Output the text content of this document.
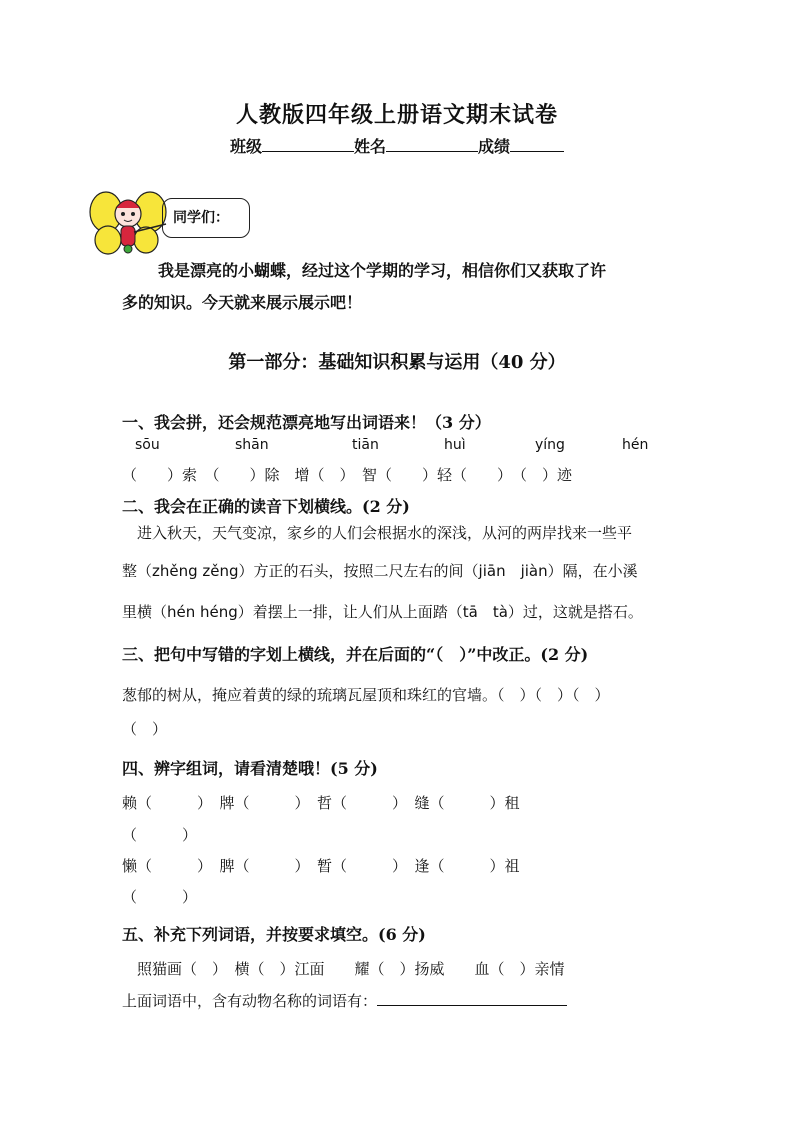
人教版四年级上册语文期末试卷
班级	姓名	成绩
同学们：
我是漂亮的小蝴蝶，经过这个学期的学习，相信你们又获取了许
多的知识。今天就来展示展示吧！
第一部分：基础知识积累与运用（40 分）
一、我会拼，还会规范漂亮地写出词语来！（3 分）
sōu	shān	tiān	huì	yíng	hén
（　　）索　（　　）除　增（　）　智（　　）轻（　　）　（　）迹
二、我会在正确的读音下划横线。(2 分)
　进入秋天，天气变凉，家乡的人们会根据水的深浅，从河的两岸找来一些平
整（zhěng zěng）方正的石头，按照二尺左右的间（jiān　jiàn）隔，在小溪
里横（hén héng）着摆上一排，让人们从上面踏（tā　tà）过，这就是搭石。
三、把句中写错的字划上横线，并在后面的“（　）”中改正。(2 分)
葱郁的树从，掩应着黄的绿的琉璃瓦屋顶和珠红的官墙。（　）（　）（　）
（　）
四、辨字组词，请看清楚哦！(5 分)
赖（　　　）　牌（　　　）　哲（　　　）　缝（　　　）租
（　　　）
懒（　　　）　脾（　　　）　暂（　　　）　逢（　　　）祖
（　　　）
五、补充下列词语，并按要求填空。(6 分)
　照猫画（　）　横（　）江面　　耀（　）扬威　　血（　）亲情
上面词语中，含有动物名称的词语有：
